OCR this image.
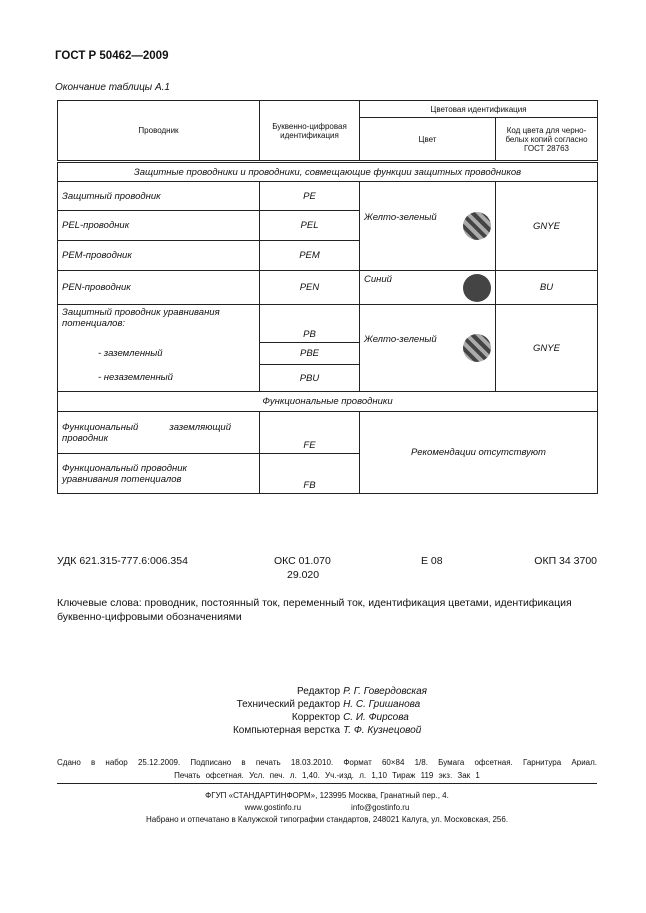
ГОСТ Р 50462—2009
Окончание таблицы А.1
Проводник	Буквенно-цифровая идентификация	Цветовая идентификация	
		Цвет	Код цвета для черно-белых копий согласно ГОСТ 28763
Защитные проводники и проводники, совмещающие функции защитных проводников			
Защитный проводник	PE	Желто-зеленый	GNYE
PEL-проводник	PEL		
PEM-проводник	PEM		
PEN-проводник	PEN	Синий	BU
Защитный проводник уравнивания потенциалов:	PB	Желто-зеленый	GNYE
- заземленный	PBE		
- незаземленный	PBU		
Функциональные проводники			
Функциональный заземляющий проводник	FE	Рекомендации отсутствуют	
Функциональный проводник уравнивания потенциалов	FB		
УДК 621.315-777.6:006.354	ОКС 01.070
29.020
Е 08	ОКП 34 3700
Ключевые слова: проводник, постоянный ток, переменный ток, идентификация цветами, идентификация буквенно-цифровыми обозначениями
Редактор Р. Г. Говердовская
Технический редактор Н. С. Гришанова
Корректор С. И. Фирсова
Компьютерная верстка Т. Ф. Кузнецовой
Сдано в набор 25.12.2009. Подписано в печать 18.03.2010. Формат 60×84 1/8. Бумага офсетная. Гарнитура Ариал.
Печать офсетная. Усл. печ. л. 1,40. Уч.-изд. л. 1,10 Тираж 119 экз. Зак 1
ФГУП «СТАНДАРТИНФОРМ», 123995 Москва, Гранатный пер., 4.
www.gostinfo.ru	info@gostinfo.ru
Набрано и отпечатано в Калужской типографии стандартов, 248021 Калуга, ул. Московская, 256.
